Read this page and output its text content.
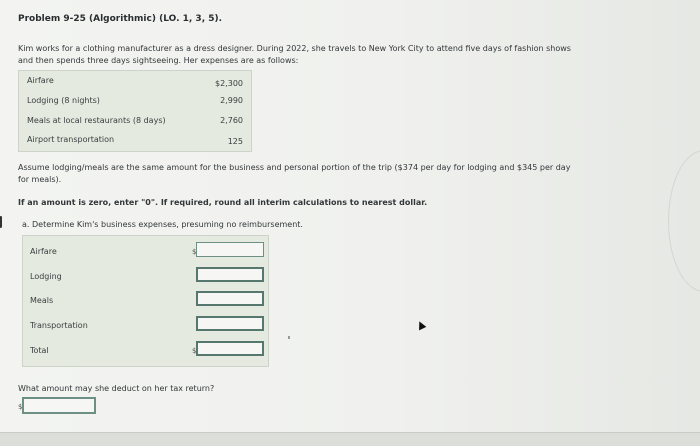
Problem 9-25 (Algorithmic) (LO. 1, 3, 5).
Kim works for a clothing manufacturer as a dress designer. During 2022, she travels to New York City to attend five days of fashion shows
and then spends three days sightseeing. Her expenses are as follows:
Airfare	$2,300
Lodging (8 nights)	2,990
Meals at local restaurants (8 days)	2,760
Airport transportation	125
Assume lodging/meals are the same amount for the business and personal portion of the trip ($374 per day for lodging and $345 per day
for meals).
If an amount is zero, enter "0". If required, round all interim calculations to nearest dollar.
a. Determine Kim's business expenses, presuming no reimbursement.
Airfare	$
Lodging
Meals
Transportation
Total	$
What amount may she deduct on her tax return?
$
